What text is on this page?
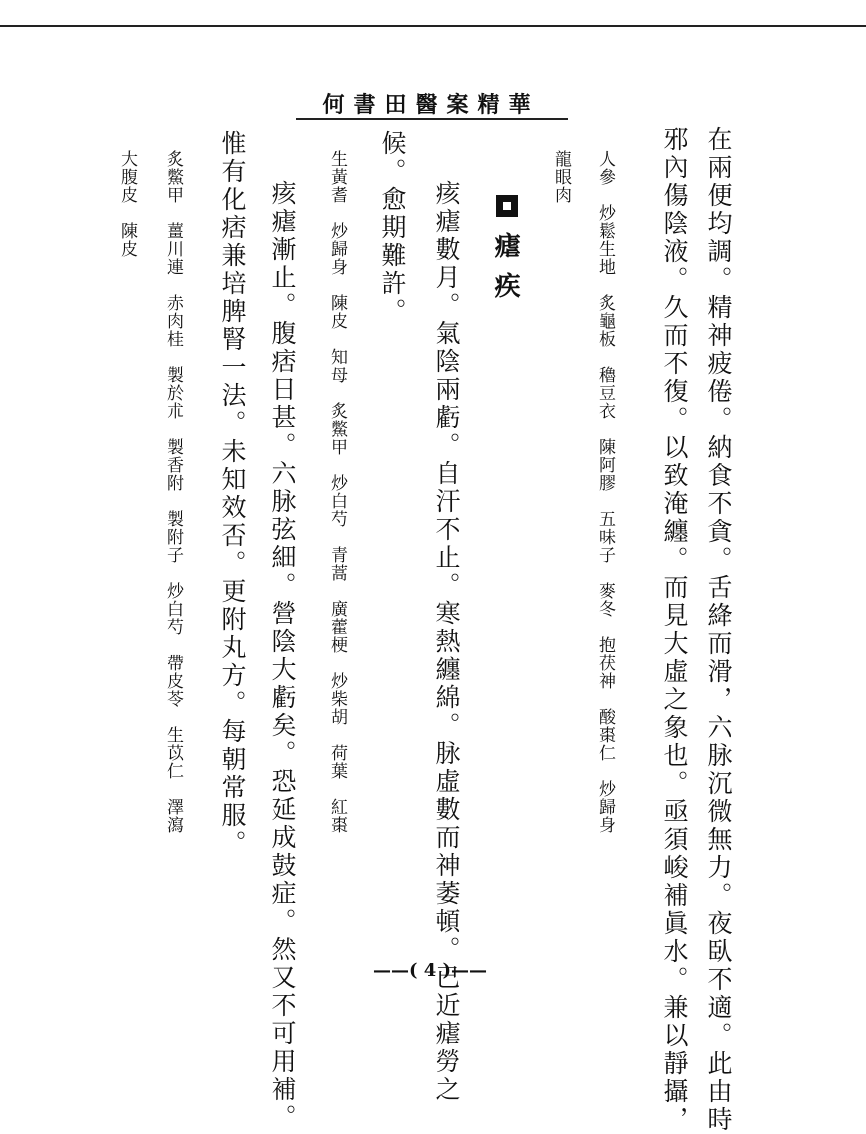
何書田醫案精華
在兩便均調。精神疲倦。納食不貪。舌絳而滑，六脉沉微無力。夜臥不適。此由時
邪內傷陰液。久而不復。以致淹纏。而見大虛之象也。亟須峻補眞水。兼以靜攝，
人參　炒鬆生地　炙龜板　穭豆衣　陳阿膠　五味子　麥冬　抱茯神　酸棗仁　炒歸身
龍眼肉
瘧疾
痎瘧數月。氣陰兩虧。自汗不止。寒熱纏綿。脉虛數而神萎頓。已近瘧勞之
候。愈期難許。
生黃耆　炒歸身　陳皮　知母　炙鱉甲　炒白芍　青蒿　廣藿梗　炒柴胡　荷葉　紅棗
痎瘧漸止。腹痞日甚。六脉弦細。營陰大虧矣。恐延成鼓症。然又不可用補。
惟有化痞兼培脾腎一法。未知效否。更附丸方。每朝常服。
炙鱉甲　薑川連　赤肉桂　製於朮　製香附　製附子　炒白芍　帶皮苓　生苡仁　澤瀉
大腹皮　陳皮
——( 4 )——
